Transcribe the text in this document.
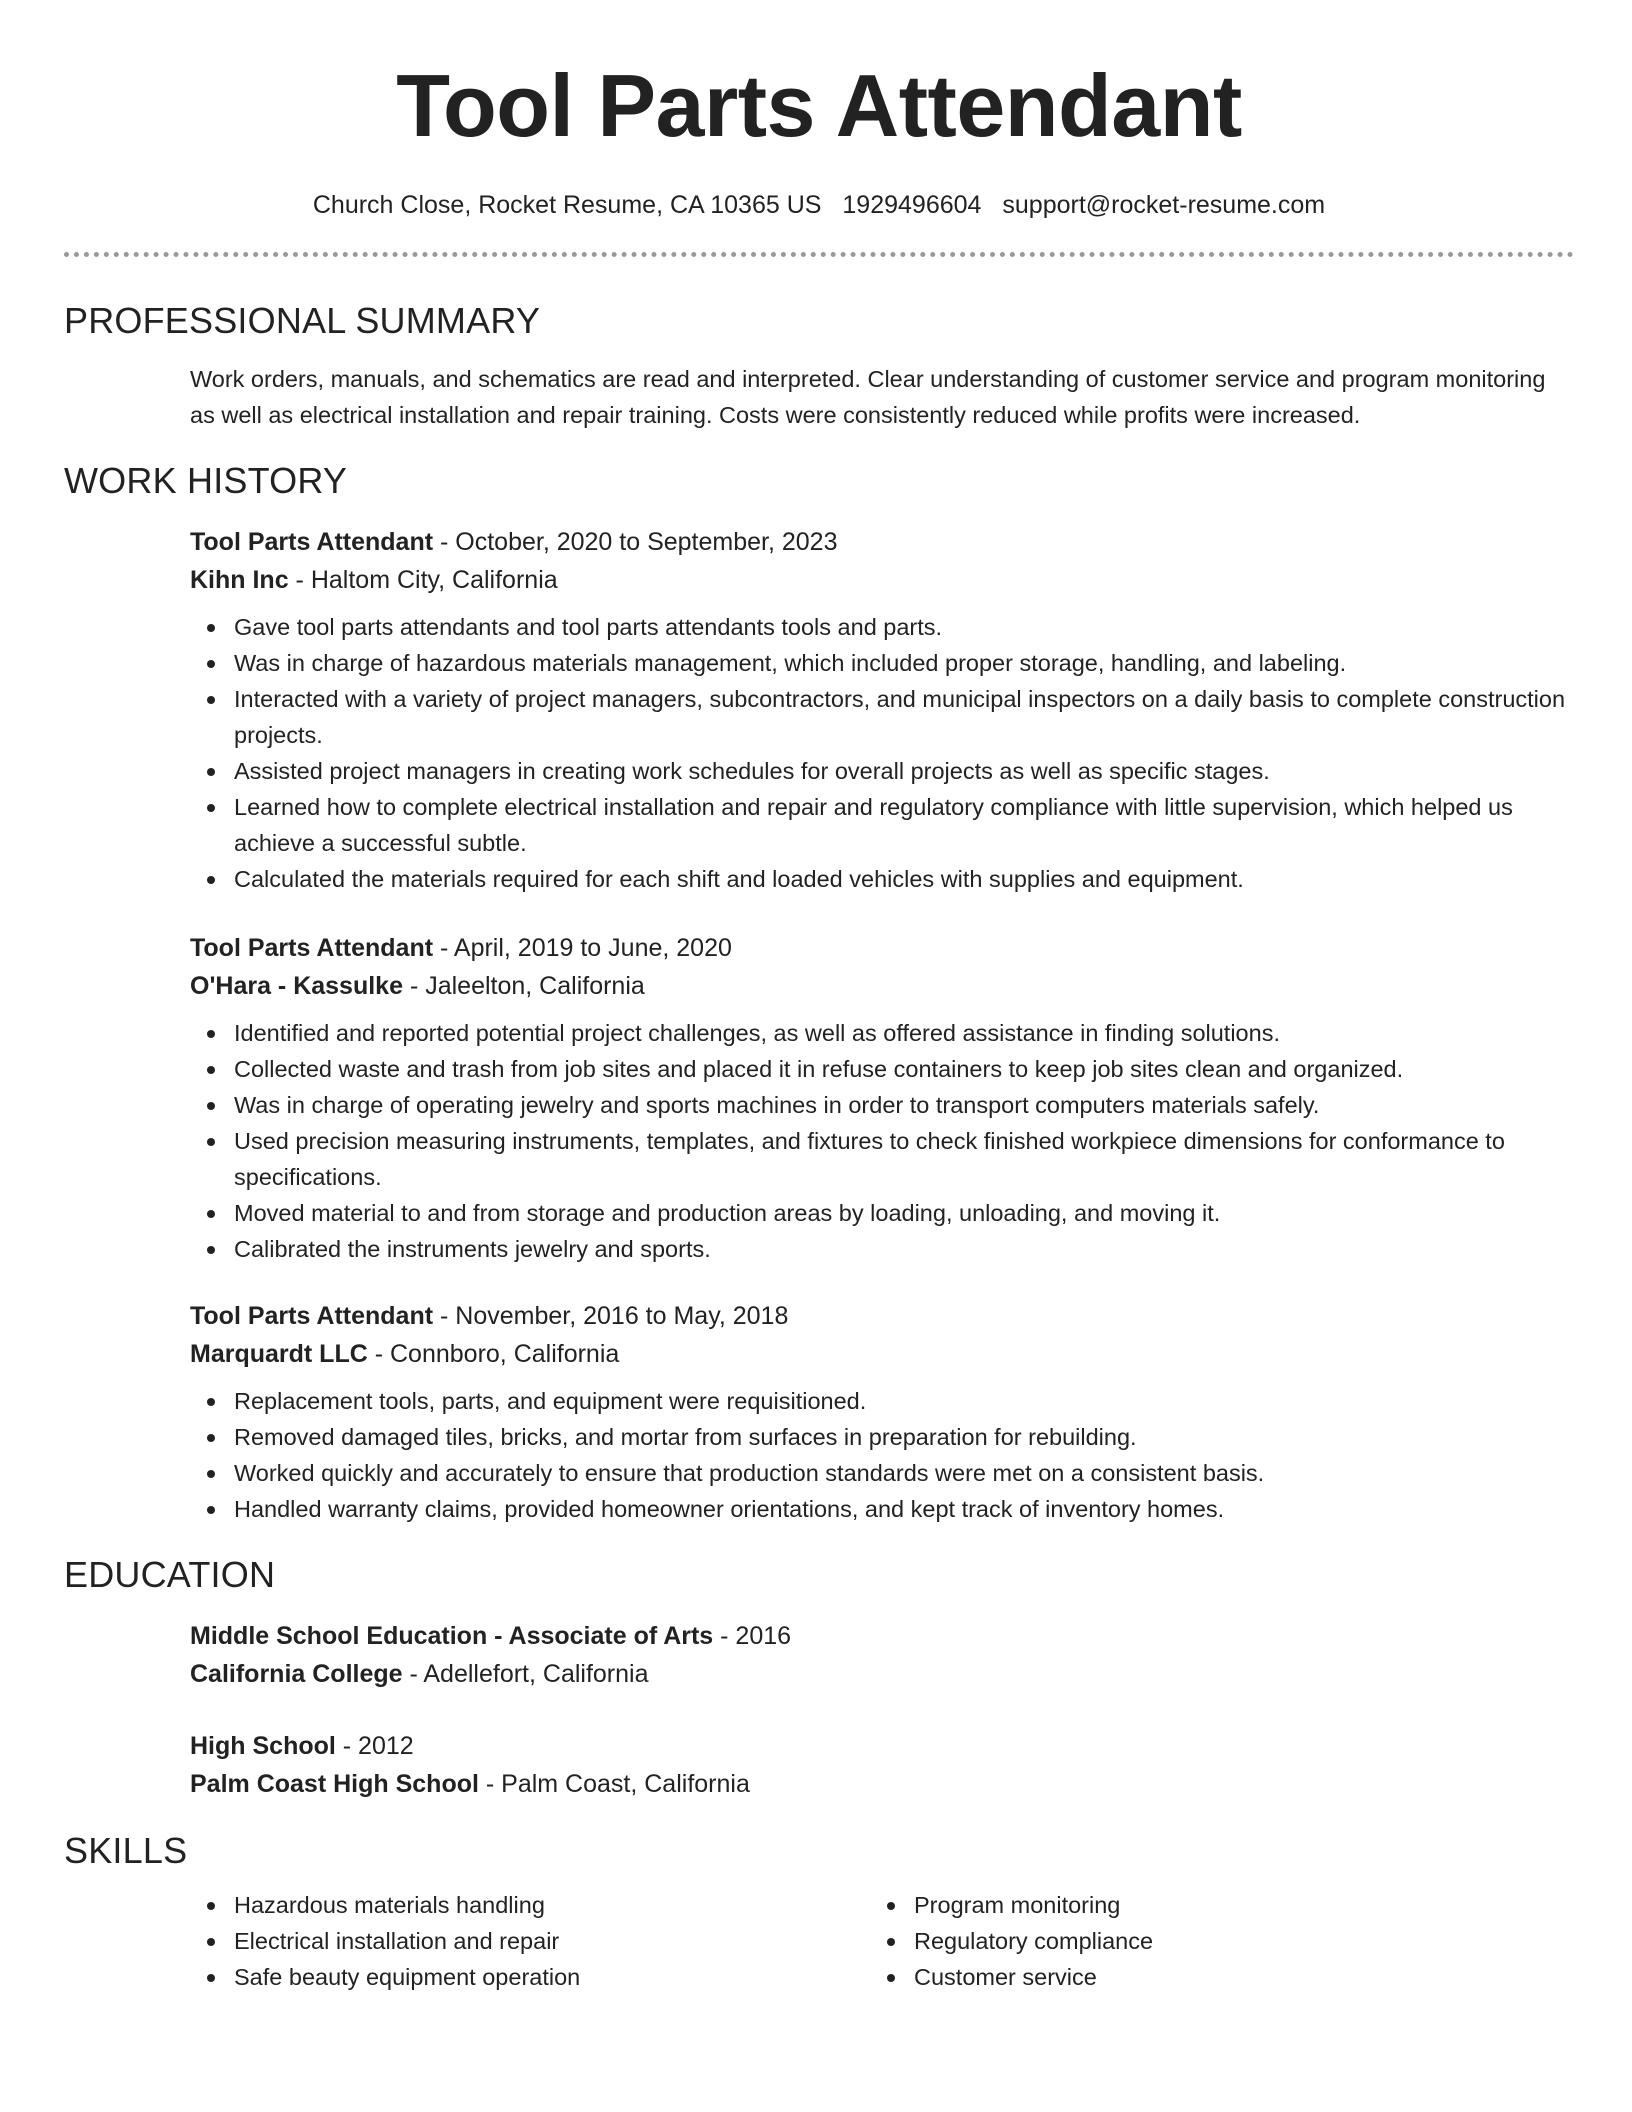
Tool Parts Attendant
Church Close, Rocket Resume, CA 10365 US 1929496604 support@rocket-resume.com
PROFESSIONAL SUMMARY

Work orders, manuals, and schematics are read and interpreted. Clear understanding of customer service and program monitoring as well as electrical installation and repair training. Costs were consistently reduced while profits were increased.

WORK HISTORY
Tool Parts Attendant - October, 2020 to September, 2023
Kihn Inc - Haltom City, California
Gave tool parts attendants and tool parts attendants tools and parts.
Was in charge of hazardous materials management, which included proper storage, handling, and labeling.
Interacted with a variety of project managers, subcontractors, and municipal inspectors on a daily basis to complete construction projects.
Assisted project managers in creating work schedules for overall projects as well as specific stages.
Learned how to complete electrical installation and repair and regulatory compliance with little supervision, which helped us achieve a successful subtle.
Calculated the materials required for each shift and loaded vehicles with supplies and equipment.
Tool Parts Attendant - April, 2019 to June, 2020
O'Hara - Kassulke - Jaleelton, California
Identified and reported potential project challenges, as well as offered assistance in finding solutions.
Collected waste and trash from job sites and placed it in refuse containers to keep job sites clean and organized.
Was in charge of operating jewelry and sports machines in order to transport computers materials safely.
Used precision measuring instruments, templates, and fixtures to check finished workpiece dimensions for conformance to specifications.
Moved material to and from storage and production areas by loading, unloading, and moving it.
Calibrated the instruments jewelry and sports.
Tool Parts Attendant - November, 2016 to May, 2018
Marquardt LLC - Connboro, California
Replacement tools, parts, and equipment were requisitioned.
Removed damaged tiles, bricks, and mortar from surfaces in preparation for rebuilding.
Worked quickly and accurately to ensure that production standards were met on a consistent basis.
Handled warranty claims, provided homeowner orientations, and kept track of inventory homes.
EDUCATION
Middle School Education - Associate of Arts - 2016
California College - Adellefort, California
High School - 2012
Palm Coast High School - Palm Coast, California
SKILLS
Hazardous materials handling
Electrical installation and repair
Safe beauty equipment operation
Program monitoring
Regulatory compliance
Customer service
